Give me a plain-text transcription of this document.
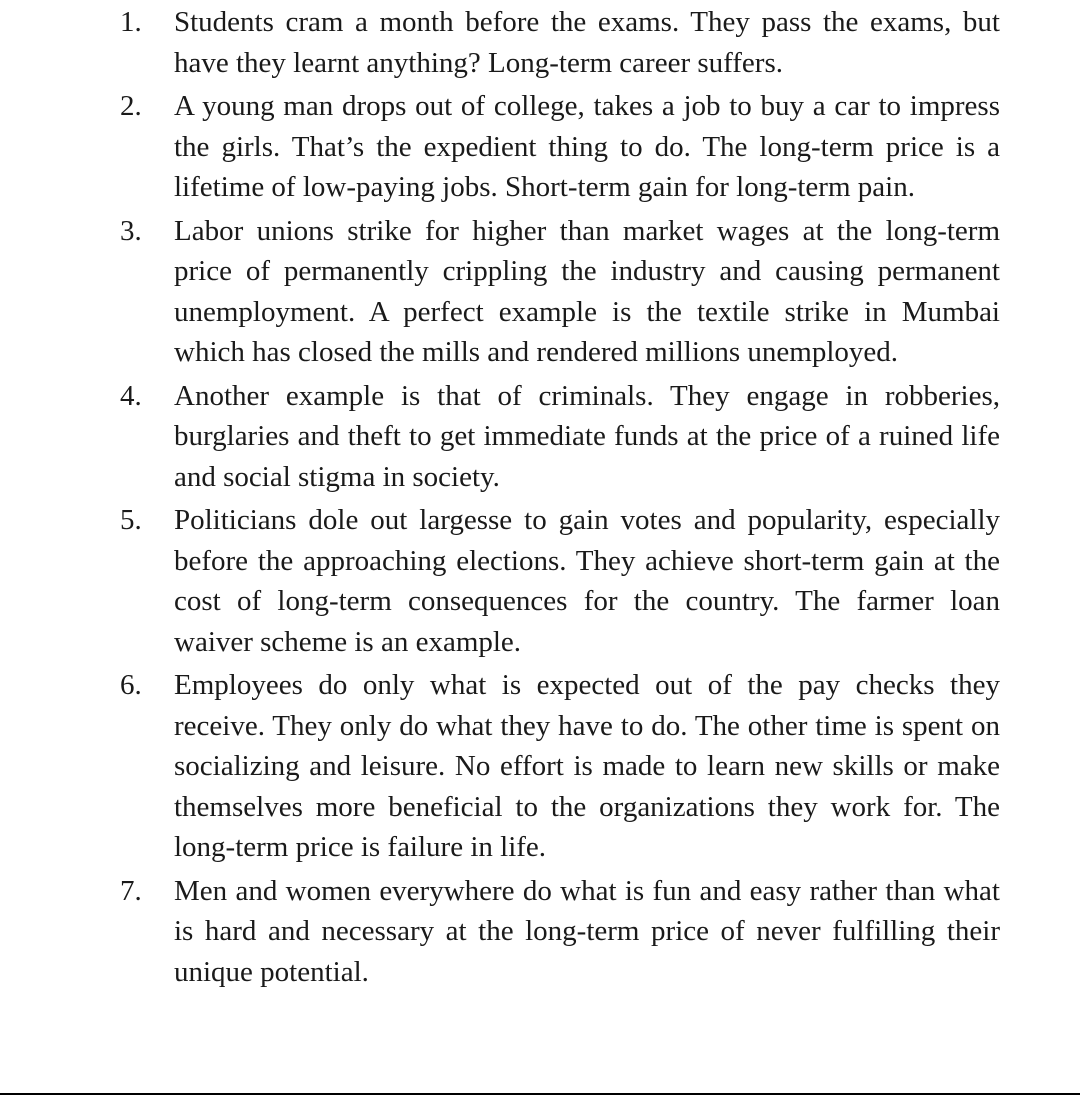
1.	Students cram a month before the exams. They pass the exams, but have they learnt anything? Long-term career suffers.
2.	A young man drops out of college, takes a job to buy a car to impress the girls. That’s the expedient thing to do. The long-term price is a lifetime of low-paying jobs. Short-term gain for long-term pain.
3.	Labor unions strike for higher than market wages at the long-term price of permanently crippling the industry and causing permanent unemployment. A perfect example is the textile strike in Mumbai which has closed the mills and rendered millions unemployed.
4.	Another example is that of criminals. They engage in robberies, burglaries and theft to get immediate funds at the price of a ruined life and social stigma in society.
5.	Politicians dole out largesse to gain votes and popularity, especially before the approaching elections. They achieve short-term gain at the cost of long-term consequences for the country. The farmer loan waiver scheme is an example.
6.	Employees do only what is expected out of the pay checks they receive. They only do what they have to do. The other time is spent on socializing and leisure. No effort is made to learn new skills or make themselves more beneficial to the organizations they work for. The long-term price is failure in life.
7.	Men and women everywhere do what is fun and easy rather than what is hard and necessary at the long-term price of never fulfilling their unique potential.
